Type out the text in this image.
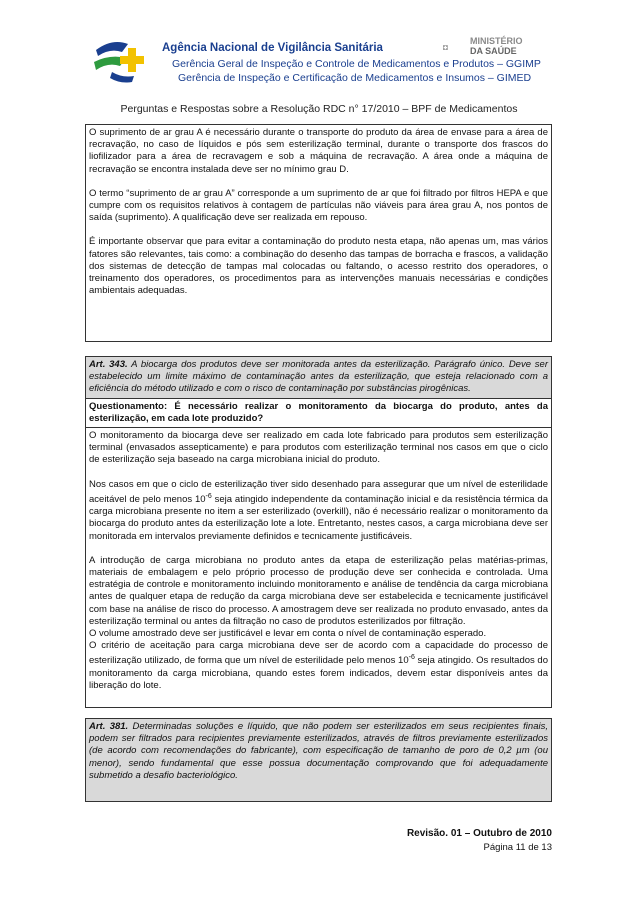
Agência Nacional de Vigilância Sanitária
Gerência Geral de Inspeção e Controle de Medicamentos e Produtos – GGIMP
Gerência de Inspeção e Certificação de Medicamentos e Insumos – GIMED
MINISTÉRIO
DA SAÚDE
Perguntas e Respostas sobre a Resolução RDC n° 17/2010 – BPF de Medicamentos

O suprimento de ar grau A é necessário durante o transporte do produto da área de envase para a área de recravação, no caso de líquidos e pós sem esterilização terminal, durante o transporte dos frascos do liofilizador para a área de recravagem e sob a máquina de recravação. A área onde a máquina de recravação se encontra instalada deve ser no mínimo grau D.

O termo “suprimento de ar grau A” corresponde a um suprimento de ar que foi filtrado por filtros HEPA e que cumpre com os requisitos relativos à contagem de partículas não viáveis para área grau A, nos pontos de saída (suprimento). A qualificação deve ser realizada em repouso.

É importante observar que para evitar a contaminação do produto nesta etapa, não apenas um, mas vários fatores são relevantes, tais como: a combinação do desenho das tampas de borracha e frascos, a validação dos sistemas de detecção de tampas mal colocadas ou faltando, o acesso restrito dos operadores, o treinamento dos operadores, os procedimentos para as intervenções manuais necessárias e condições ambientais adequadas.

Art. 343. A biocarga dos produtos deve ser monitorada antes da esterilização. Parágrafo único. Deve ser estabelecido um limite máximo de contaminação antes da esterilização, que esteja relacionado com a eficiência do método utilizado e com o risco de contaminação por substâncias pirogênicas.
Questionamento: É necessário realizar o monitoramento da biocarga do produto, antes da esterilização, em cada lote produzido?

O monitoramento da biocarga deve ser realizado em cada lote fabricado para produtos sem esterilização terminal (envasados assepticamente) e para produtos com esterilização terminal nos casos em que o ciclo de esterilização seja baseado na carga microbiana inicial do produto.

Nos casos em que o ciclo de esterilização tiver sido desenhado para assegurar que um nível de esterilidade aceitável de pelo menos $10^{-6}$ seja atingido independente da contaminação inicial e da resistência térmica da carga microbiana presente no item a ser esterilizado (overkill), não é necessário realizar o monitoramento da biocarga do produto antes da esterilização lote a lote. Entretanto, nestes casos, a carga microbiana deve ser monitorada em intervalos previamente definidos e tecnicamente justificáveis.

A introdução de carga microbiana no produto antes da etapa de esterilização pelas matérias-primas, materiais de embalagem e pelo próprio processo de produção deve ser conhecida e controlada. Uma estratégia de controle e monitoramento incluindo monitoramento e análise de tendência da carga microbiana antes de qualquer etapa de redução da carga microbiana deve ser estabelecida e tecnicamente justificável com base na análise de risco do processo. A amostragem deve ser realizada no produto envasado, antes da esterilização terminal ou antes da filtração no caso de produtos esterilizados por filtração.
O volume amostrado deve ser justificável e levar em conta o nível de contaminação esperado.
O critério de aceitação para carga microbiana deve ser de acordo com a capacidade do processo de esterilização utilizado, de forma que um nível de esterilidade pelo menos $10^{-6}$ seja atingido. Os resultados do monitoramento da carga microbiana, quando estes forem indicados, devem estar disponíveis antes da liberação do lote.
Art. 381. Determinadas soluções e líquido, que não podem ser esterilizados em seus recipientes finais, podem ser filtrados para recipientes previamente esterilizados, através de filtros previamente esterilizados (de acordo com recomendações do fabricante), com especificação de tamanho de poro de 0,2 µm (ou menor), sendo fundamental que esse possua documentação comprovando que foi adequadamente submetido a desafio bacteriológico.
Revisão. 01 – Outubro de 2010
Página 11 de 13
